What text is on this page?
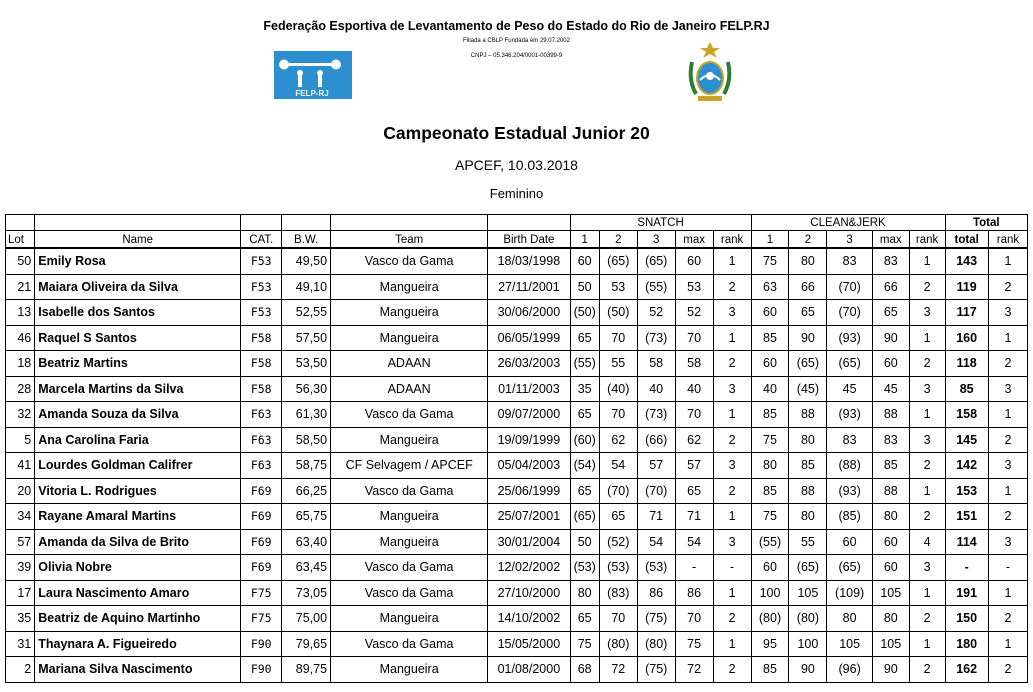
Federação Esportiva de Levantamento de Peso do Estado do Rio de Janeiro FELP.RJ
Filiada a CBLP Fundada em 29.07.2002
CNPJ – 05.346.204/0001-00399-9
FELP-RJ
Campeonato Estadual Junior 20
APCEF, 10.03.2018
Feminino
						SNATCH					CLEAN&JERK					Total	
Lot	Name	CAT.	B.W.	Team	Birth Date	1	2	3	max	rank	1	2	3	max	rank	total	rank
50	Emily Rosa	F53	49,50	Vasco da Gama	18/03/1998	60	(65)	(65)	60	1	75	80	83	83	1	143	1
21	Maiara Oliveira da Silva	F53	49,10	Mangueira	27/11/2001	50	53	(55)	53	2	63	66	(70)	66	2	119	2
13	Isabelle dos Santos	F53	52,55	Mangueira	30/06/2000	(50)	(50)	52	52	3	60	65	(70)	65	3	117	3
46	Raquel S Santos	F58	57,50	Mangueira	06/05/1999	65	70	(73)	70	1	85	90	(93)	90	1	160	1
18	Beatriz Martins	F58	53,50	ADAAN	26/03/2003	(55)	55	58	58	2	60	(65)	(65)	60	2	118	2
28	Marcela Martins da Silva	F58	56,30	ADAAN	01/11/2003	35	(40)	40	40	3	40	(45)	45	45	3	85	3
32	Amanda Souza da Silva	F63	61,30	Vasco da Gama	09/07/2000	65	70	(73)	70	1	85	88	(93)	88	1	158	1
5	Ana Carolina Faria	F63	58,50	Mangueira	19/09/1999	(60)	62	(66)	62	2	75	80	83	83	3	145	2
41	Lourdes Goldman Califrer	F63	58,75	CF Selvagem / APCEF	05/04/2003	(54)	54	57	57	3	80	85	(88)	85	2	142	3
20	Vitoria L. Rodrigues	F69	66,25	Vasco da Gama	25/06/1999	65	(70)	(70)	65	2	85	88	(93)	88	1	153	1
34	Rayane Amaral Martins	F69	65,75	Mangueira	25/07/2001	(65)	65	71	71	1	75	80	(85)	80	2	151	2
57	Amanda da Silva de Brito	F69	63,40	Mangueira	30/01/2004	50	(52)	54	54	3	(55)	55	60	60	4	114	3
39	Olivia Nobre	F69	63,45	Vasco da Gama	12/02/2002	(53)	(53)	(53)	-	-	60	(65)	(65)	60	3	-	-
17	Laura Nascimento Amaro	F75	73,05	Vasco da Gama	27/10/2000	80	(83)	86	86	1	100	105	(109)	105	1	191	1
35	Beatriz de Aquino Martinho	F75	75,00	Mangueira	14/10/2002	65	70	(75)	70	2	(80)	(80)	80	80	2	150	2
31	Thaynara A. Figueiredo	F90	79,65	Vasco da Gama	15/05/2000	75	(80)	(80)	75	1	95	100	105	105	1	180	1
2	Mariana Silva Nascimento	F90	89,75	Mangueira	01/08/2000	68	72	(75)	72	2	85	90	(96)	90	2	162	2
